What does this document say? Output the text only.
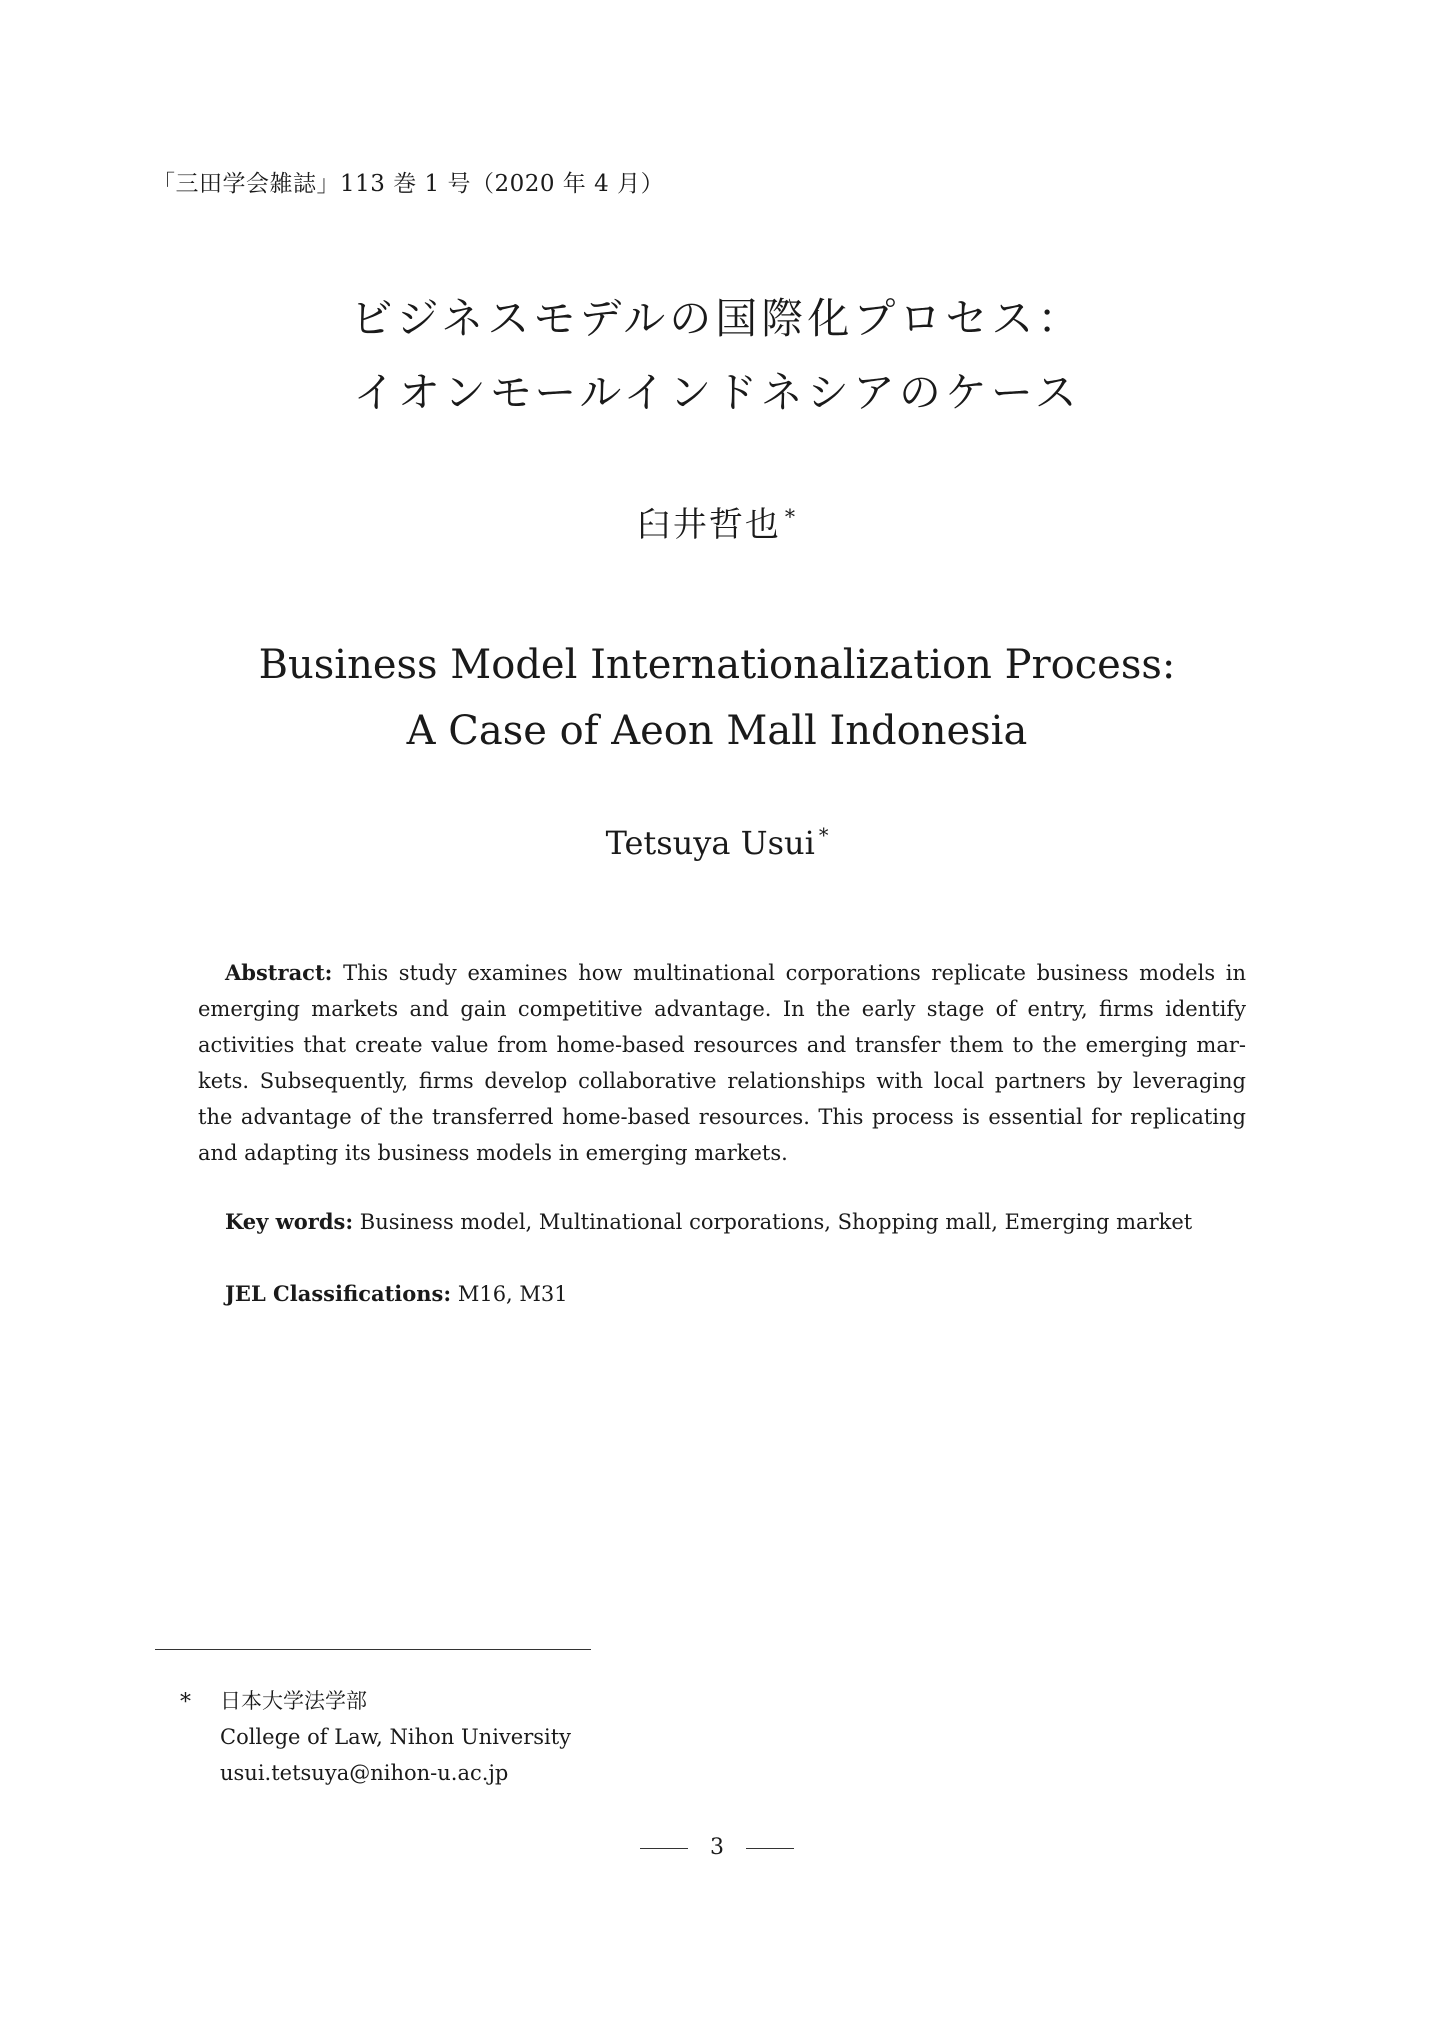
「三田学会雑誌」113 巻 1 号（2020 年 4 月）
ビジネスモデルの国際化プロセス：
イオンモールインドネシアのケース
臼井哲也 *
Business Model Internationalization Process:
A Case of Aeon Mall Indonesia
Tetsuya Usui *
Abstract: This study examines how multinational corporations replicate business models in
emerging markets and gain competitive advantage. In the early stage of entry, firms identify
activities that create value from home-based resources and transfer them to the emerging mar-
kets. Subsequently, firms develop collaborative relationships with local partners by leveraging
the advantage of the transferred home-based resources. This process is essential for replicating
and adapting its business models in emerging markets.
Key words: Business model, Multinational corporations, Shopping mall, Emerging market
JEL Classifications: M16, M31
* 日本大学法学部
College of Law, Nihon University
usui.tetsuya@nihon-u.ac.jp
3
